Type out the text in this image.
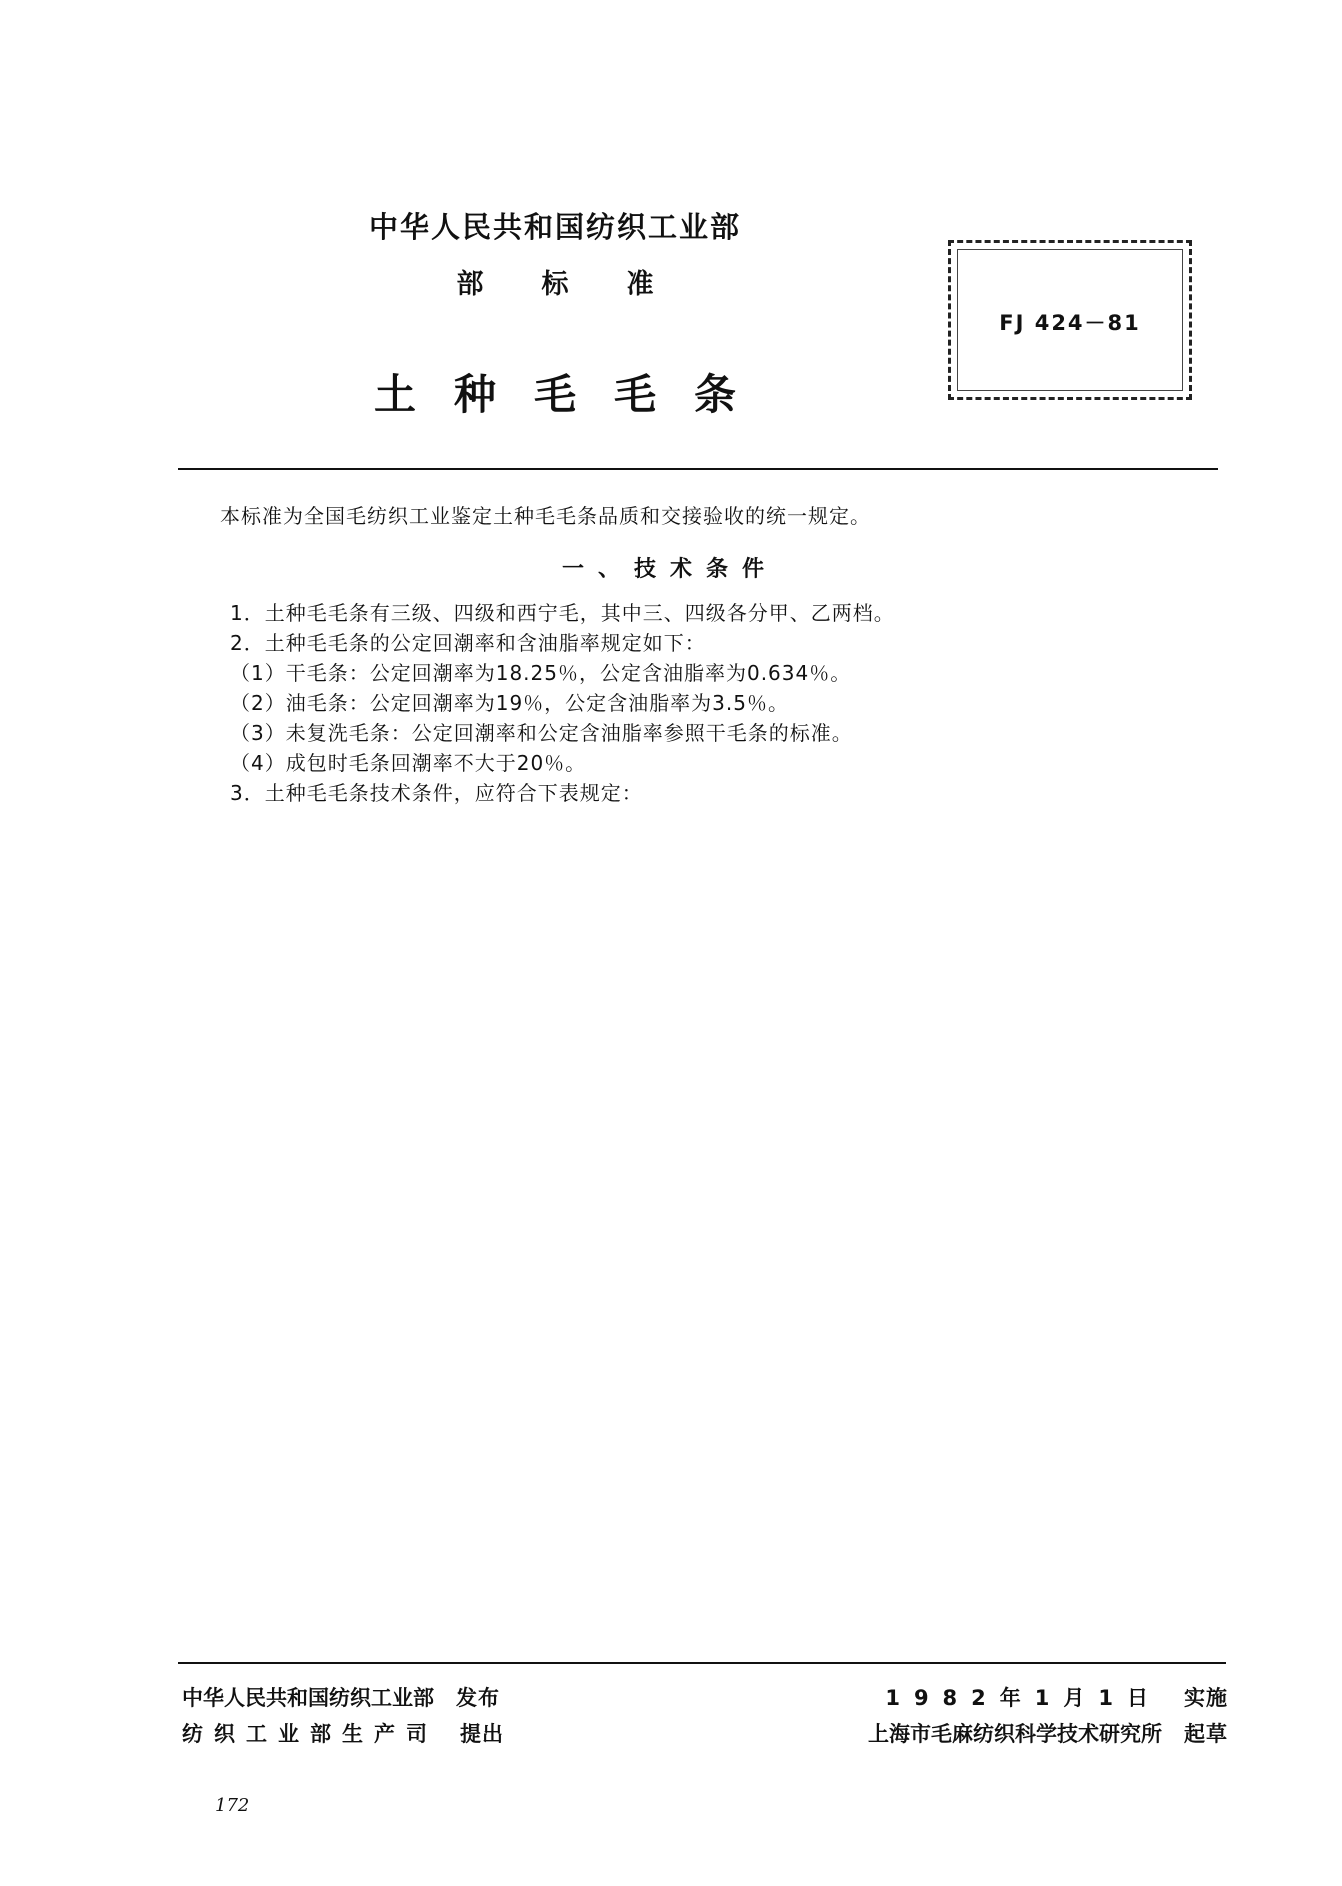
中华人民共和国纺织工业部
部标准
土种毛毛条
FJ 424－81
本标准为全国毛纺织工业鉴定土种毛毛条品质和交接验收的统一规定。
一、技术条件
1．土种毛毛条有三级、四级和西宁毛，其中三、四级各分甲、乙两档。
2．土种毛毛条的公定回潮率和含油脂率规定如下：
（1）干毛条：公定回潮率为18.25％，公定含油脂率为0.634％。
（2）油毛条：公定回潮率为19％，公定含油脂率为3.5％。
（3）未复洗毛条：公定回潮率和公定含油脂率参照干毛条的标准。
（4）成包时毛条回潮率不大于20％。
3．土种毛毛条技术条件，应符合下表规定：
中华人民共和国纺织工业部 发布
纺织工业部生产司 提出
1982年1月1日 实施
上海市毛麻纺织科学技术研究所 起草
172
